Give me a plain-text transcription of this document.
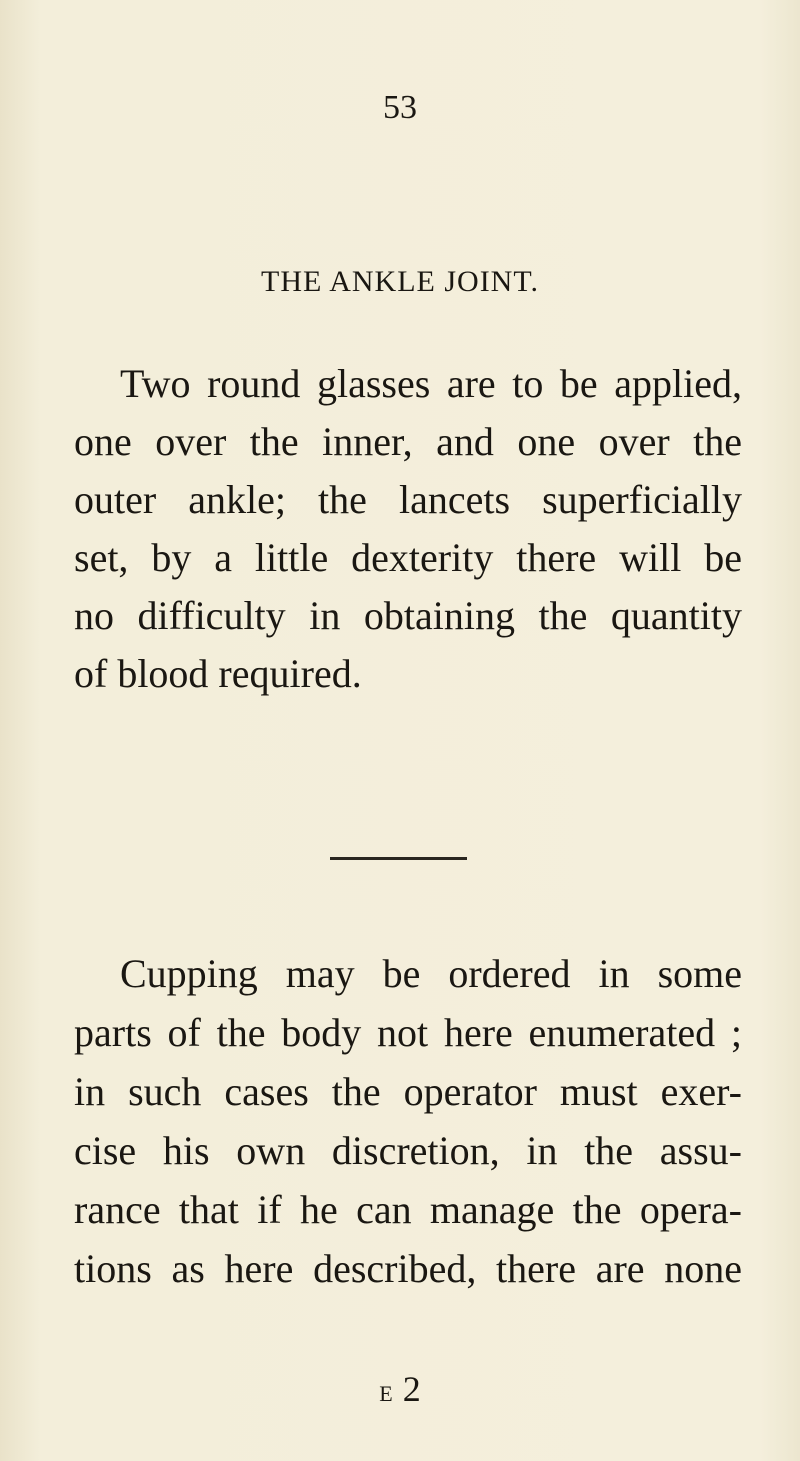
53
THE ANKLE JOINT.
Two round glasses are to be applied,
one over the inner, and one over the
outer ankle; the lancets superficially
set, by a little dexterity there will be
no difficulty in obtaining the quantity
of blood required.
Cupping may be ordered in some
parts of the body not here enumerated ;
in such cases the operator must exer-
cise his own discretion, in the assu-
rance that if he can manage the opera-
tions as here described, there are none
E 2
